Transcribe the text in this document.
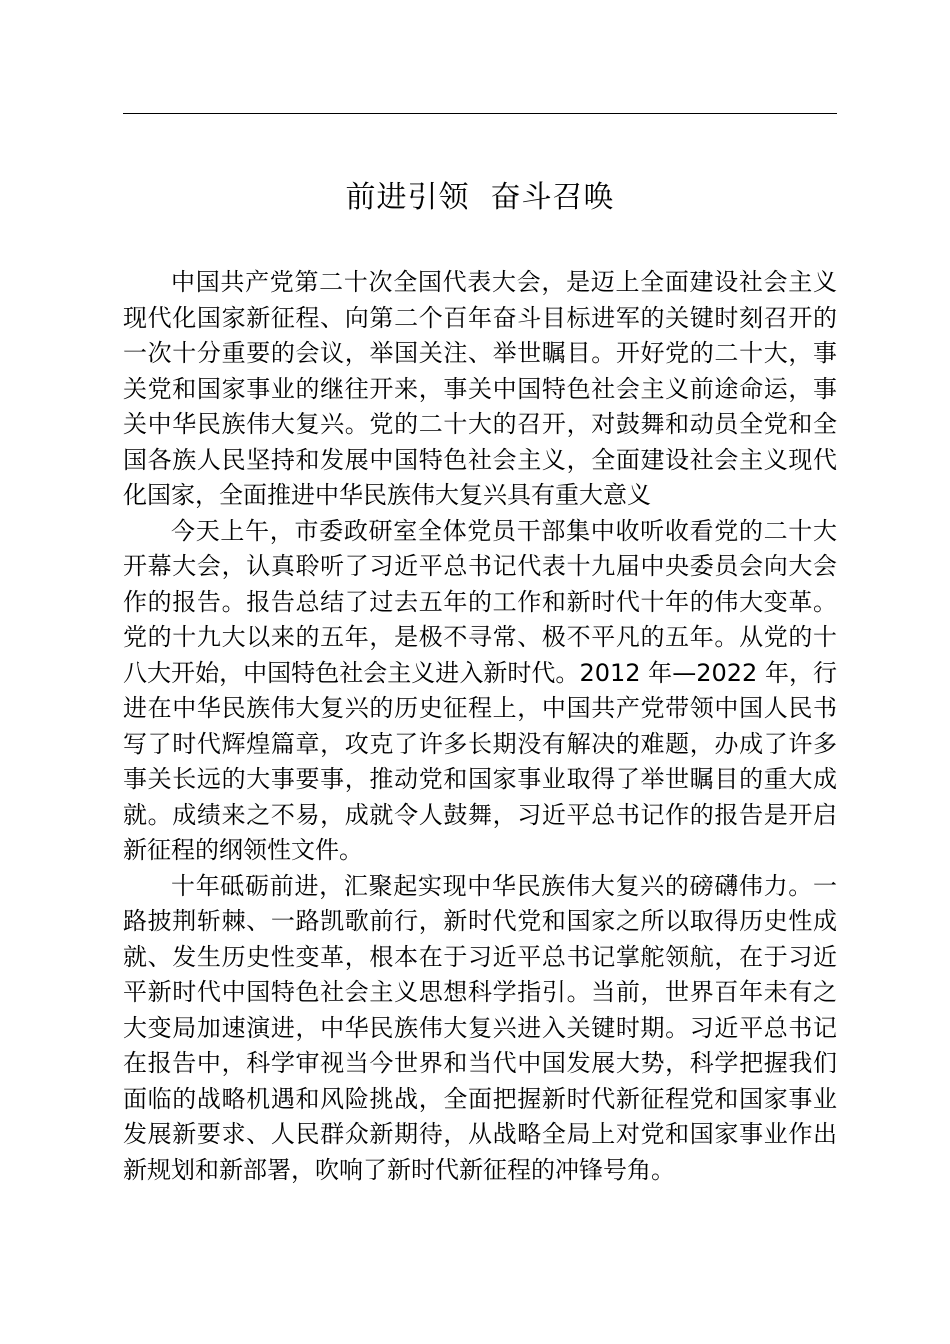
前进引领  奋斗召唤

中国共产党第二十次全国代表大会，是迈上全面建设社会主义现代化国家新征程、向第二个百年奋斗目标进军的关键时刻召开的一次十分重要的会议，举国关注、举世瞩目。开好党的二十大，事关党和国家事业的继往开来，事关中国特色社会主义前途命运，事关中华民族伟大复兴。党的二十大的召开，对鼓舞和动员全党和全国各族人民坚持和发展中国特色社会主义，全面建设社会主义现代化国家，全面推进中华民族伟大复兴具有重大意义

今天上午，市委政研室全体党员干部集中收听收看党的二十大开幕大会，认真聆听了习近平总书记代表十九届中央委员会向大会作的报告。报告总结了过去五年的工作和新时代十年的伟大变革。党的十九大以来的五年，是极不寻常、极不平凡的五年。从党的十八大开始，中国特色社会主义进入新时代。2012 年—2022 年，行进在中华民族伟大复兴的历史征程上，中国共产党带领中国人民书写了时代辉煌篇章，攻克了许多长期没有解决的难题，办成了许多事关长远的大事要事，推动党和国家事业取得了举世瞩目的重大成就。成绩来之不易，成就令人鼓舞，习近平总书记作的报告是开启新征程的纲领性文件。

十年砥砺前进，汇聚起实现中华民族伟大复兴的磅礴伟力。一路披荆斩棘、一路凯歌前行，新时代党和国家之所以取得历史性成就、发生历史性变革，根本在于习近平总书记掌舵领航，在于习近平新时代中国特色社会主义思想科学指引。当前，世界百年未有之大变局加速演进，中华民族伟大复兴进入关键时期。习近平总书记在报告中，科学审视当今世界和当代中国发展大势，科学把握我们面临的战略机遇和风险挑战，全面把握新时代新征程党和国家事业发展新要求、人民群众新期待，从战略全局上对党和国家事业作出新规划和新部署，吹响了新时代新征程的冲锋号角。
